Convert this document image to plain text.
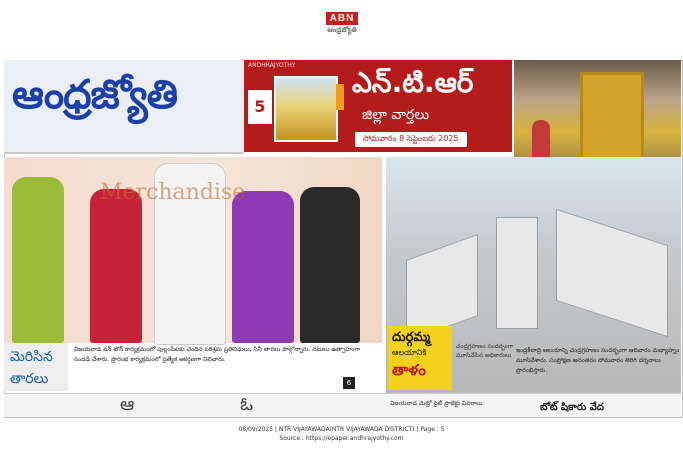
ABN
ఆంధ్రజ్యోతి
ఆంధ్రజ్యోతి
ANDHRAJYOTHY
5
ఎన్.టి.ఆర్
జిల్లా వార్తలు
సోమవారం 8 సెప్టెంబరు 2025
Merchandise
మెరిసిన
తారలు
విజయవాడ వన్ టౌన్ కార్యక్రమంలో పుల్లంపేటకు చెందిన పరిశ్రమ ప్రతినిధులు, సినీ తారలు పాల్గొన్నారు. నటులు ఉత్సాహంగా సందడి చేశారు. ప్రారంభ కార్యక్రమంలో ప్రత్యేక ఆకర్షణగా నిలిచారు.
6
దుర్గమ్మ
ఆలయానికి
తాళం
చంద్రగ్రహణం సందర్భంగా మూసివేసిన అధికారులు
ఇంద్రకీలాద్రి ఆలయాన్ని చంద్రగ్రహణం సందర్భంగా ఆదివారం మధ్యాహ్నం మూసివేశారు. సంప్రోక్షణ అనంతరం సోమవారం తిరిగి దర్శనాలు ప్రారంభిస్తారు.
ఆ	ఓ	విజయవాడ మెట్రో సైట్ ప్రాజెక్టు వివరాలు	బోట్ షికారు వేద
08/09/2025 | NTR VIJAYAWADA(NTR VIJAYAWADA DISTRICT) | Page : 5
Source : https://epaper.andhrajyothy.com
